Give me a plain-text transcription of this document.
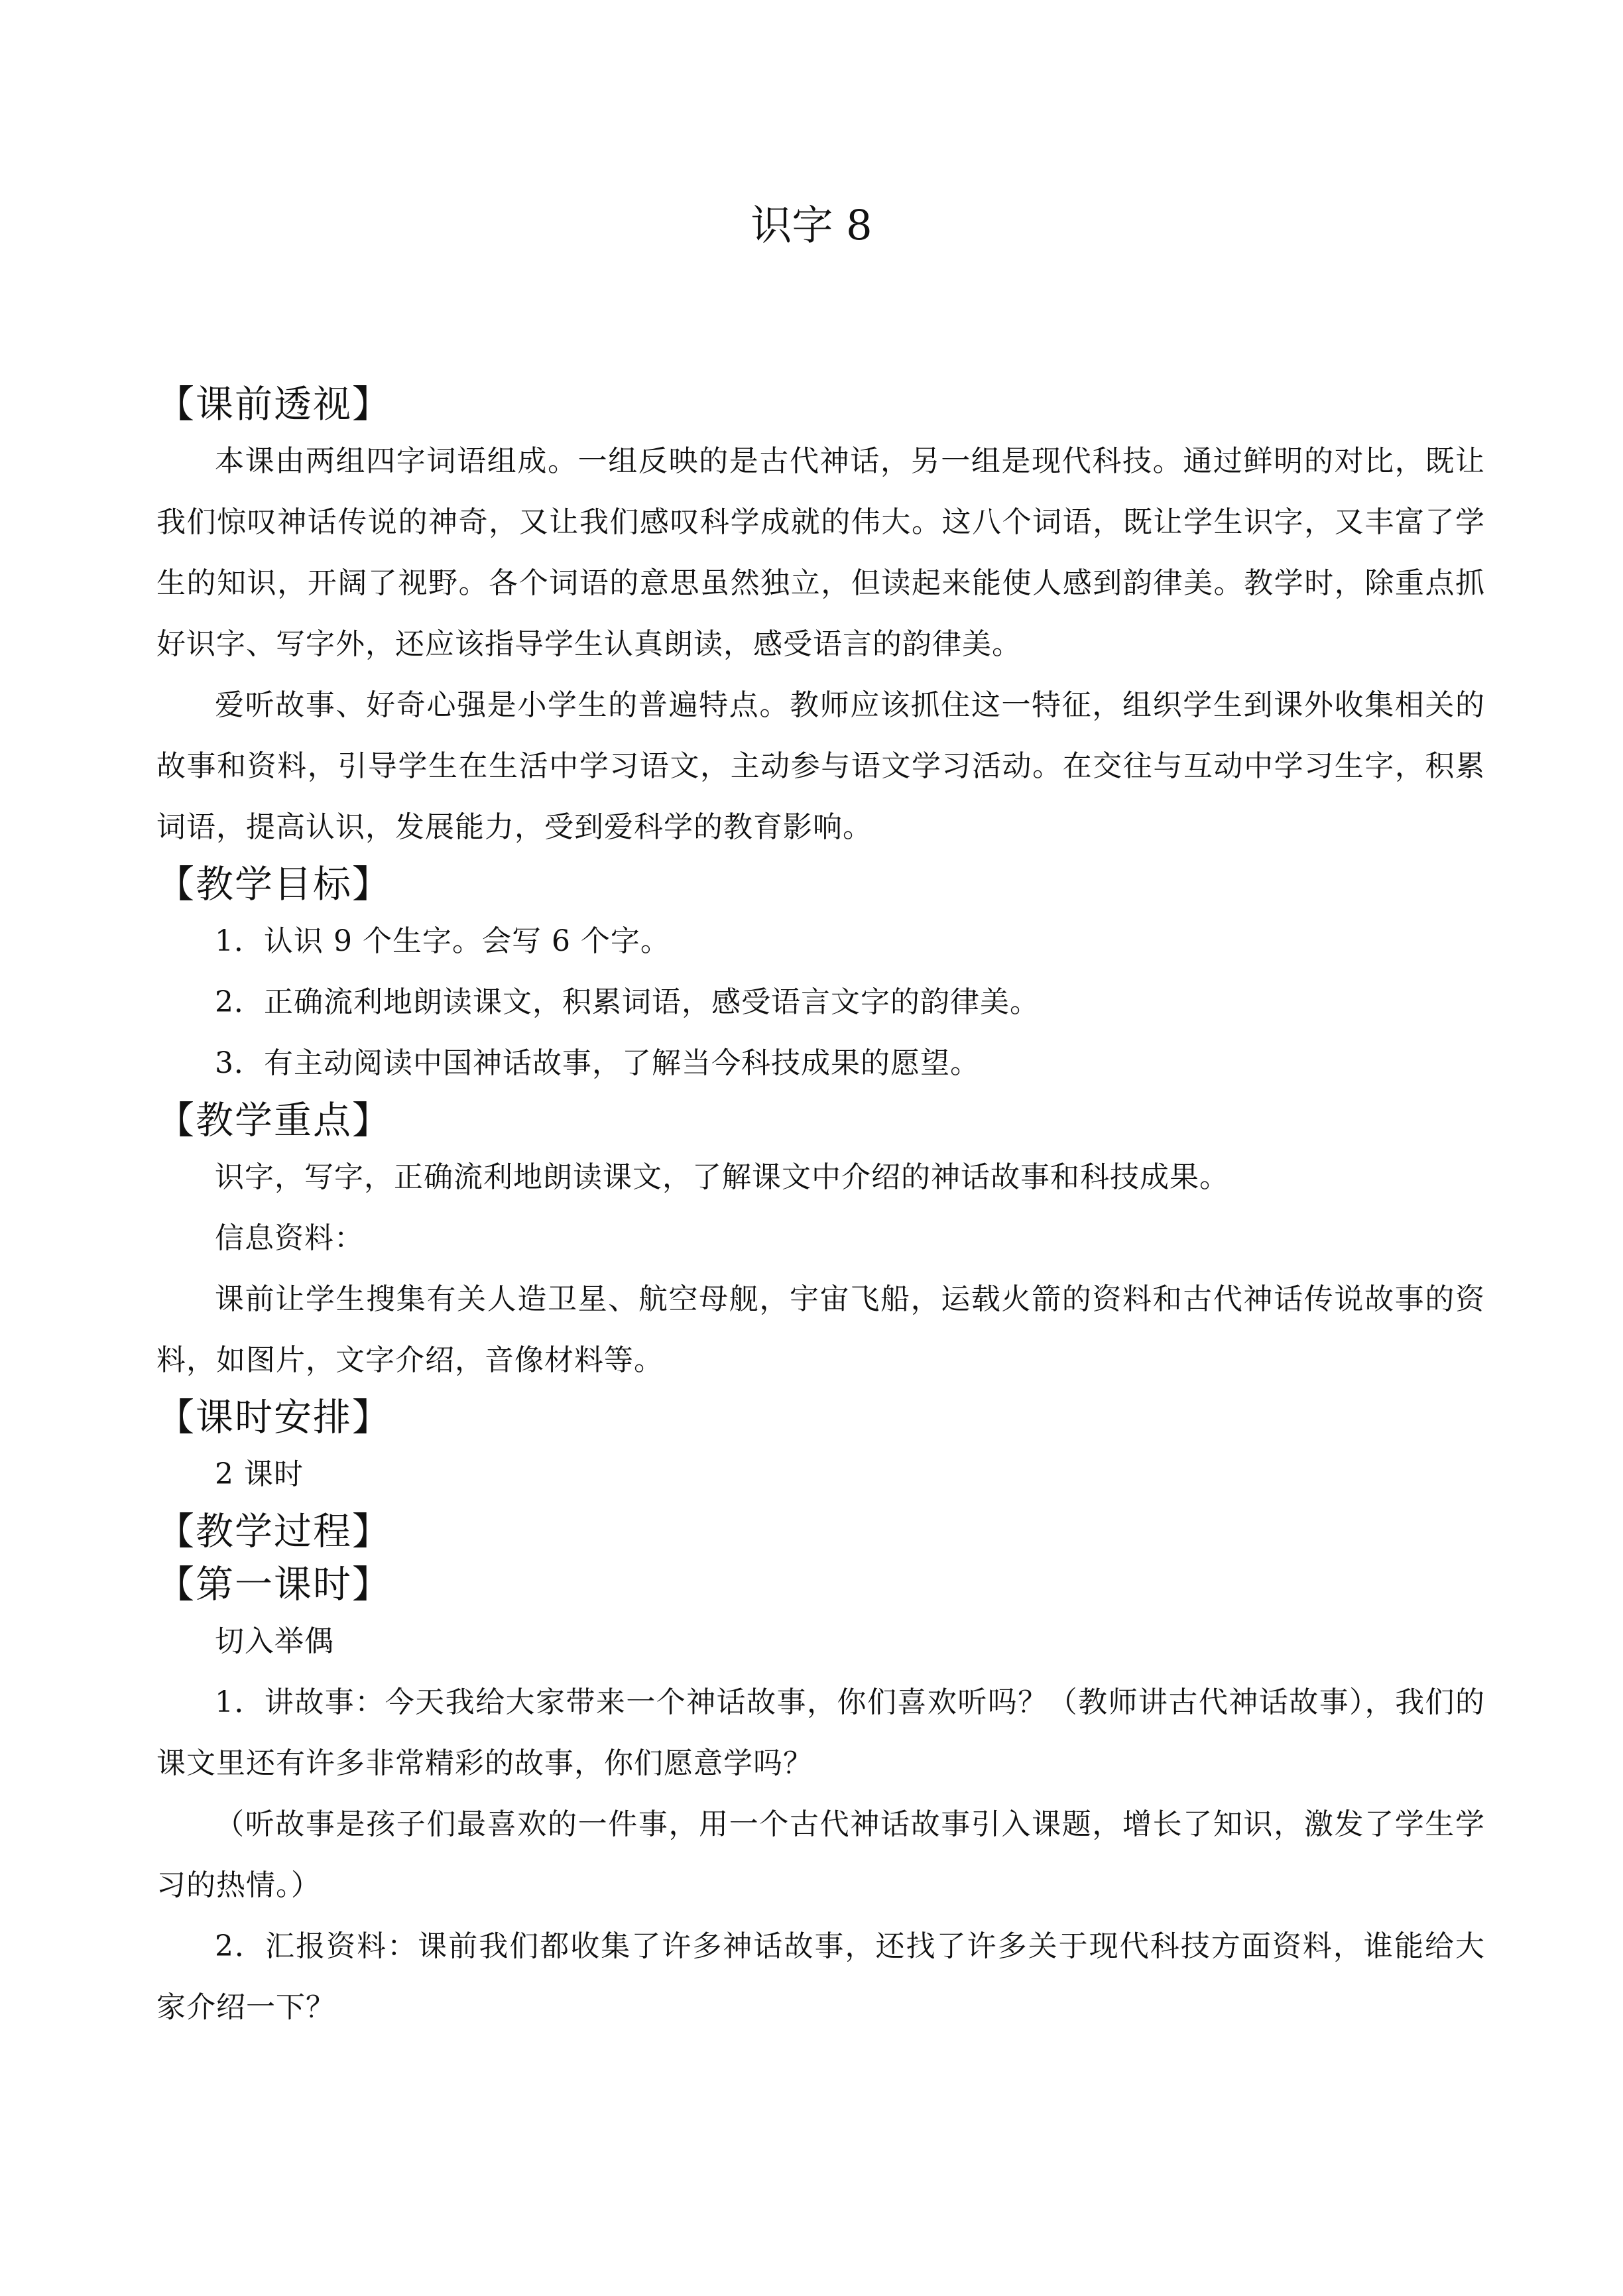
识字 8
【课前透视】

本课由两组四字词语组成。一组反映的是古代神话，另一组是现代科技。通过鲜明的对比，既让我们惊叹神话传说的神奇，又让我们感叹科学成就的伟大。这八个词语，既让学生识字，又丰富了学生的知识，开阔了视野。各个词语的意思虽然独立，但读起来能使人感到韵律美。教学时，除重点抓好识字、写字外，还应该指导学生认真朗读，感受语言的韵律美。

爱听故事、好奇心强是小学生的普遍特点。教师应该抓住这一特征，组织学生到课外收集相关的故事和资料，引导学生在生活中学习语文，主动参与语文学习活动。在交往与互动中学习生字，积累词语，提高认识，发展能力，受到爱科学的教育影响。

【教学目标】

1．认识 9 个生字。会写 6 个字。

2．正确流利地朗读课文，积累词语，感受语言文字的韵律美。

3．有主动阅读中国神话故事，了解当今科技成果的愿望。

【教学重点】

识字，写字，正确流利地朗读课文，了解课文中介绍的神话故事和科技成果。

信息资料：

课前让学生搜集有关人造卫星、航空母舰，宇宙飞船，运载火箭的资料和古代神话传说故事的资料，如图片，文字介绍，音像材料等。

【课时安排】

2 课时

【教学过程】
【第一课时】

切入举偶

1．讲故事：今天我给大家带来一个神话故事，你们喜欢听吗？（教师讲古代神话故事），我们的课文里还有许多非常精彩的故事，你们愿意学吗？

（听故事是孩子们最喜欢的一件事，用一个古代神话故事引入课题，增长了知识，激发了学生学习的热情。）

2．汇报资料：课前我们都收集了许多神话故事，还找了许多关于现代科技方面资料，谁能给大家介绍一下？
